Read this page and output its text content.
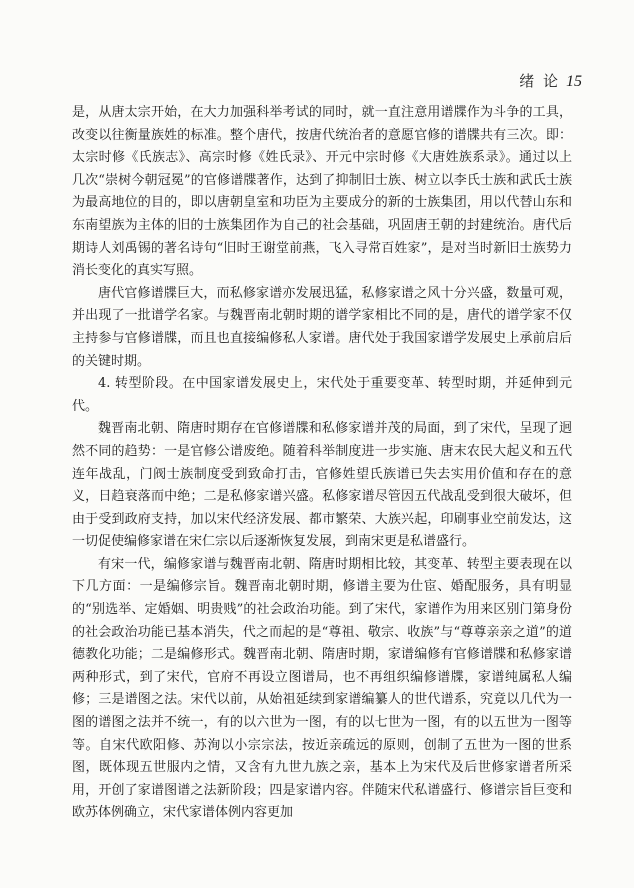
绪 论 15

是，从唐太宗开始，在大力加强科举考试的同时，就一直注意用谱牒作为斗争的工具，改变以往衡量族姓的标准。整个唐代，按唐代统治者的意愿官修的谱牒共有三次。即：太宗时修《氏族志》、高宗时修《姓氏录》、开元中宗时修《大唐姓族系录》。通过以上几次“崇树今朝冠冕”的官修谱牒著作，达到了抑制旧士族、树立以李氏士族和武氏士族为最高地位的目的，即以唐朝皇室和功臣为主要成分的新的士族集团，用以代替山东和东南望族为主体的旧的士族集团作为自己的社会基础，巩固唐王朝的封建统治。唐代后期诗人刘禹锡的著名诗句“旧时王谢堂前燕，飞入寻常百姓家”，是对当时新旧士族势力消长变化的真实写照。

唐代官修谱牒巨大，而私修家谱亦发展迅猛，私修家谱之风十分兴盛，数量可观，并出现了一批谱学名家。与魏晋南北朝时期的谱学家相比不同的是，唐代的谱学家不仅主持参与官修谱牒，而且也直接编修私人家谱。唐代处于我国家谱学发展史上承前启后的关键时期。

4. 转型阶段。在中国家谱发展史上，宋代处于重要变革、转型时期，并延伸到元代。

魏晋南北朝、隋唐时期存在官修谱牒和私修家谱并茂的局面，到了宋代，呈现了迥然不同的趋势：一是官修公谱废绝。随着科举制度进一步实施、唐末农民大起义和五代连年战乱，门阀士族制度受到致命打击，官修姓望氏族谱已失去实用价值和存在的意义，日趋衰落而中绝；二是私修家谱兴盛。私修家谱尽管因五代战乱受到很大破坏，但由于受到政府支持，加以宋代经济发展、都市繁荣、大族兴起，印刷事业空前发达，这一切促使编修家谱在宋仁宗以后逐渐恢复发展，到南宋更是私谱盛行。

有宋一代，编修家谱与魏晋南北朝、隋唐时期相比较，其变革、转型主要表现在以下几方面：一是编修宗旨。魏晋南北朝时期，修谱主要为仕宦、婚配服务，具有明显的“别选举、定婚姻、明贵贱”的社会政治功能。到了宋代，家谱作为用来区别门第身份的社会政治功能已基本消失，代之而起的是“尊祖、敬宗、收族”与“尊尊亲亲之道”的道德教化功能；二是编修形式。魏晋南北朝、隋唐时期，家谱编修有官修谱牒和私修家谱两种形式，到了宋代，官府不再设立图谱局，也不再组织编修谱牒，家谱纯属私人编修；三是谱图之法。宋代以前，从始祖延续到家谱编纂人的世代谱系，究竟以几代为一图的谱图之法并不统一，有的以六世为一图，有的以七世为一图，有的以五世为一图等等。自宋代欧阳修、苏洵以小宗宗法，按近亲疏远的原则，创制了五世为一图的世系图，既体现五世服内之情，又含有九世九族之亲，基本上为宋代及后世修家谱者所采用，开创了家谱图谱之法新阶段；四是家谱内容。伴随宋代私谱盛行、修谱宗旨巨变和欧苏体例确立，宋代家谱体例内容更加
